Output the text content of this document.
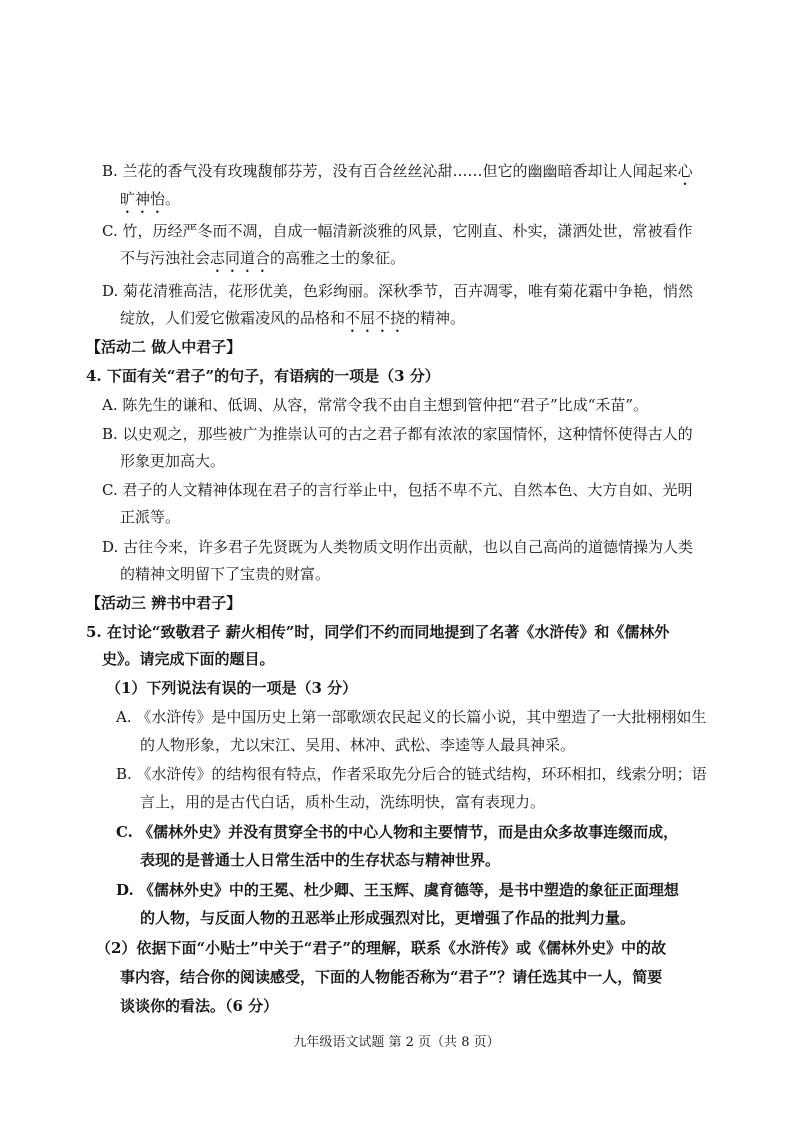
B. 兰花的香气没有玫瑰馥郁芬芳，没有百合丝丝沁甜……但它的幽幽暗香却让人闻起来心
旷神怡。
C. 竹，历经严冬而不凋，自成一幅清新淡雅的风景，它刚直、朴实，潇洒处世，常被看作
不与污浊社会志同道合的高雅之士的象征。
D. 菊花清雅高洁，花形优美，色彩绚丽。深秋季节，百卉凋零，唯有菊花霜中争艳，悄然
绽放，人们爱它傲霜凌风的品格和不屈不挠的精神。
【活动二 做人中君子】
4. 下面有关“君子”的句子，有语病的一项是（3 分）
A. 陈先生的谦和、低调、从容，常常令我不由自主想到管仲把“君子”比成“禾苗”。
B. 以史观之，那些被广为推崇认可的古之君子都有浓浓的家国情怀，这种情怀使得古人的
形象更加高大。
C. 君子的人文精神体现在君子的言行举止中，包括不卑不亢、自然本色、大方自如、光明
正派等。
D. 古往今来，许多君子先贤既为人类物质文明作出贡献，也以自己高尚的道德情操为人类
的精神文明留下了宝贵的财富。
【活动三 辨书中君子】
5. 在讨论“致敬君子 薪火相传”时，同学们不约而同地提到了名著《水浒传》和《儒林外
史》。请完成下面的题目。
（1）下列说法有误的一项是（3 分）
A. 《水浒传》是中国历史上第一部歌颂农民起义的长篇小说，其中塑造了一大批栩栩如生
的人物形象，尤以宋江、吴用、林冲、武松、李逵等人最具神采。
B. 《水浒传》的结构很有特点，作者采取先分后合的链式结构，环环相扣，线索分明；语
言上，用的是古代白话，质朴生动，洗练明快，富有表现力。
C. 《儒林外史》并没有贯穿全书的中心人物和主要情节，而是由众多故事连缀而成，
表现的是普通士人日常生活中的生存状态与精神世界。
D. 《儒林外史》中的王冕、杜少卿、王玉辉、虞育德等，是书中塑造的象征正面理想
的人物，与反面人物的丑恶举止形成强烈对比，更增强了作品的批判力量。
（2）依据下面“小贴士”中关于“君子”的理解，联系《水浒传》或《儒林外史》中的故
事内容，结合你的阅读感受，下面的人物能否称为“君子”？请任选其中一人，简要
谈谈你的看法。（6 分）
九年级语文试题 第 2 页（共 8 页）
